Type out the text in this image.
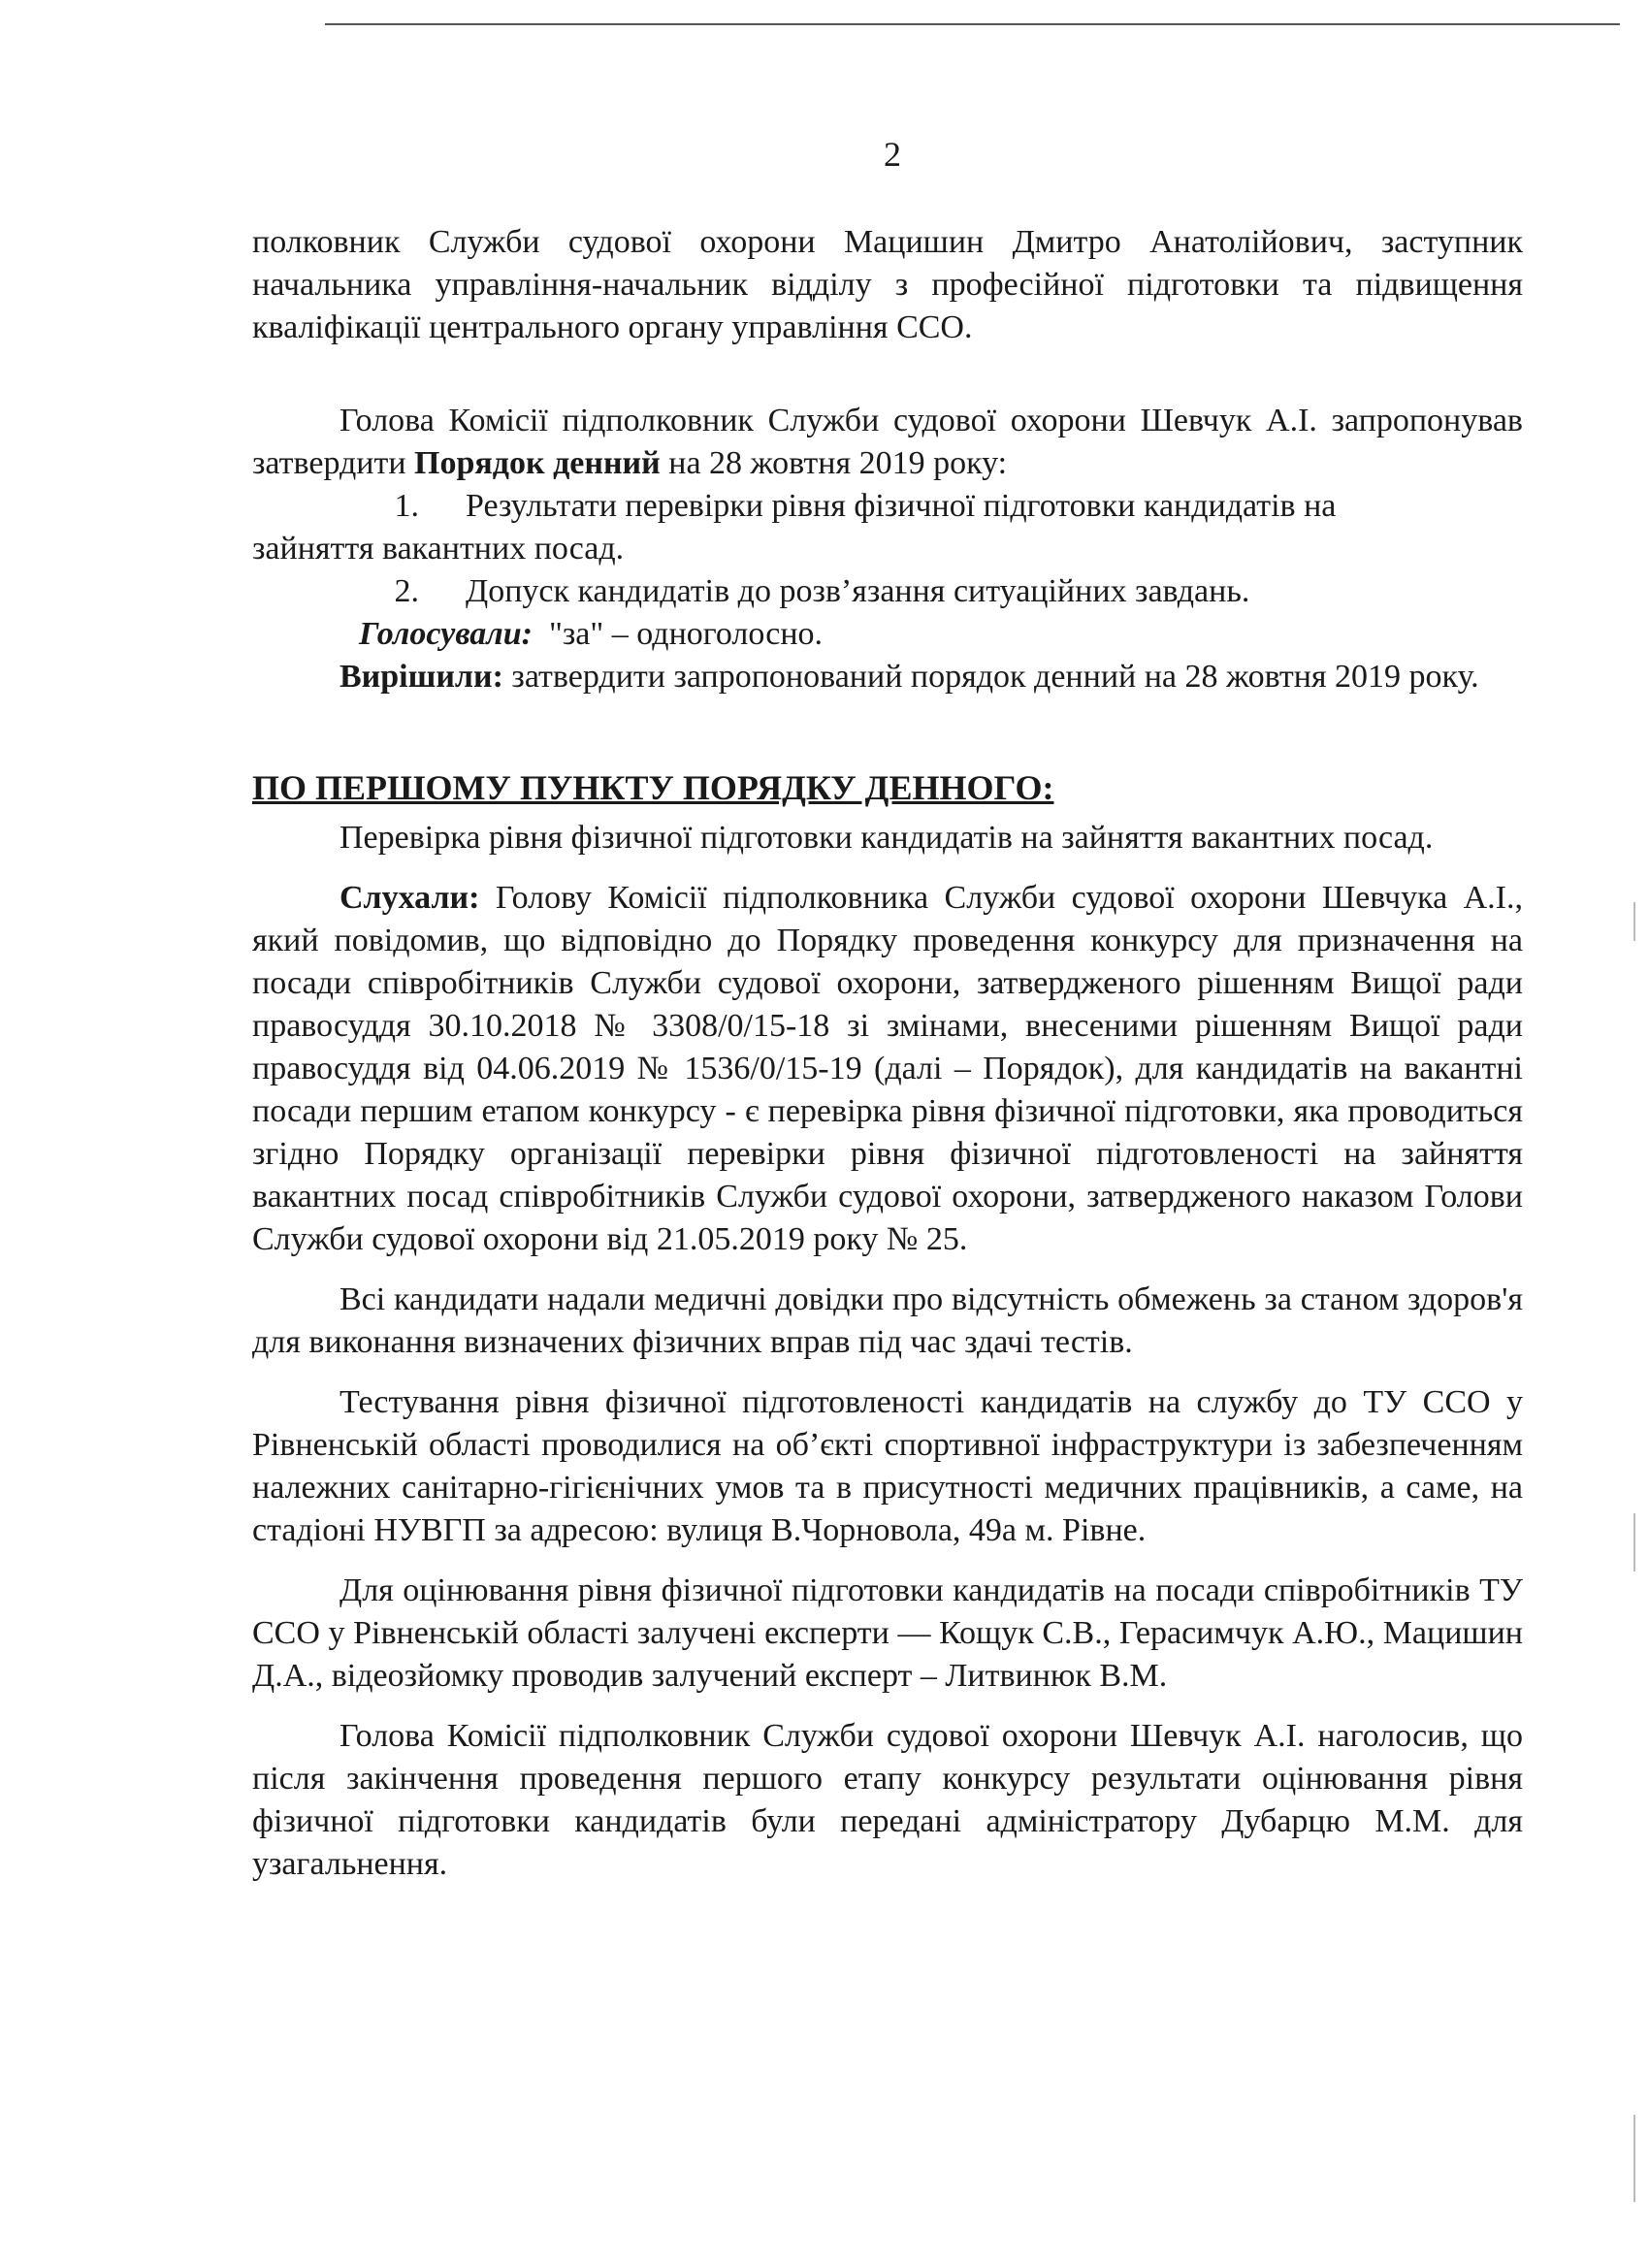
2

полковник Служби судової охорони Мацишин Дмитро Анатолійович, заступник начальника управління-начальник відділу з професійної підготовки та підвищення кваліфікації центрального органу управління ССО.

Голова Комісії підполковник Служби судової охорони Шевчук А.І. запропонував затвердити Порядок денний на 28 жовтня 2019 року:

1.	Результати перевірки рівня фізичної підготовки кандидатів на

зайняття вакантних посад.

2.	Допуск кандидатів до розв’язання ситуаційних завдань.

Голосували: "за" – одноголосно.

Вирішили: затвердити запропонований порядок денний на 28 жовтня 2019 року.

ПО ПЕРШОМУ ПУНКТУ ПОРЯДКУ ДЕННОГО:

Перевірка рівня фізичної підготовки кандидатів на зайняття вакантних посад.

Слухали: Голову Комісії підполковника Служби судової охорони Шевчука А.І., який повідомив, що відповідно до Порядку проведення конкурсу для призначення на посади співробітників Служби судової охорони, затвердженого рішенням Вищої ради правосуддя 30.10.2018 № 3308/0/15-18 зі змінами, внесеними рішенням Вищої ради правосуддя від 04.06.2019 № 1536/0/15-19 (далі – Порядок), для кандидатів на вакантні посади першим етапом конкурсу - є перевірка рівня фізичної підготовки, яка проводиться згідно Порядку організації перевірки рівня фізичної підготовленості на зайняття вакантних посад співробітників Служби судової охорони, затвердженого наказом Голови Служби судової охорони від 21.05.2019 року № 25.

Всі кандидати надали медичні довідки про відсутність обмежень за станом здоров'я для виконання визначених фізичних вправ під час здачі тестів.

Тестування рівня фізичної підготовленості кандидатів на службу до ТУ ССО у Рівненській області проводилися на об’єкті спортивної інфраструктури із забезпеченням належних санітарно-гігієнічних умов та в присутності медичних працівників, а саме, на стадіоні НУВГП за адресою: вулиця В.Чорновола, 49а м. Рівне.

Для оцінювання рівня фізичної підготовки кандидатів на посади співробітників ТУ ССО у Рівненській області залучені експерти — Кощук С.В., Герасимчук А.Ю., Мацишин Д.А., відеозйомку проводив залучений експерт – Литвинюк В.М.

Голова Комісії підполковник Служби судової охорони Шевчук А.І. наголосив, що після закінчення проведення першого етапу конкурсу результати оцінювання рівня фізичної підготовки кандидатів були передані адміністратору Дубарцю М.М. для узагальнення.
